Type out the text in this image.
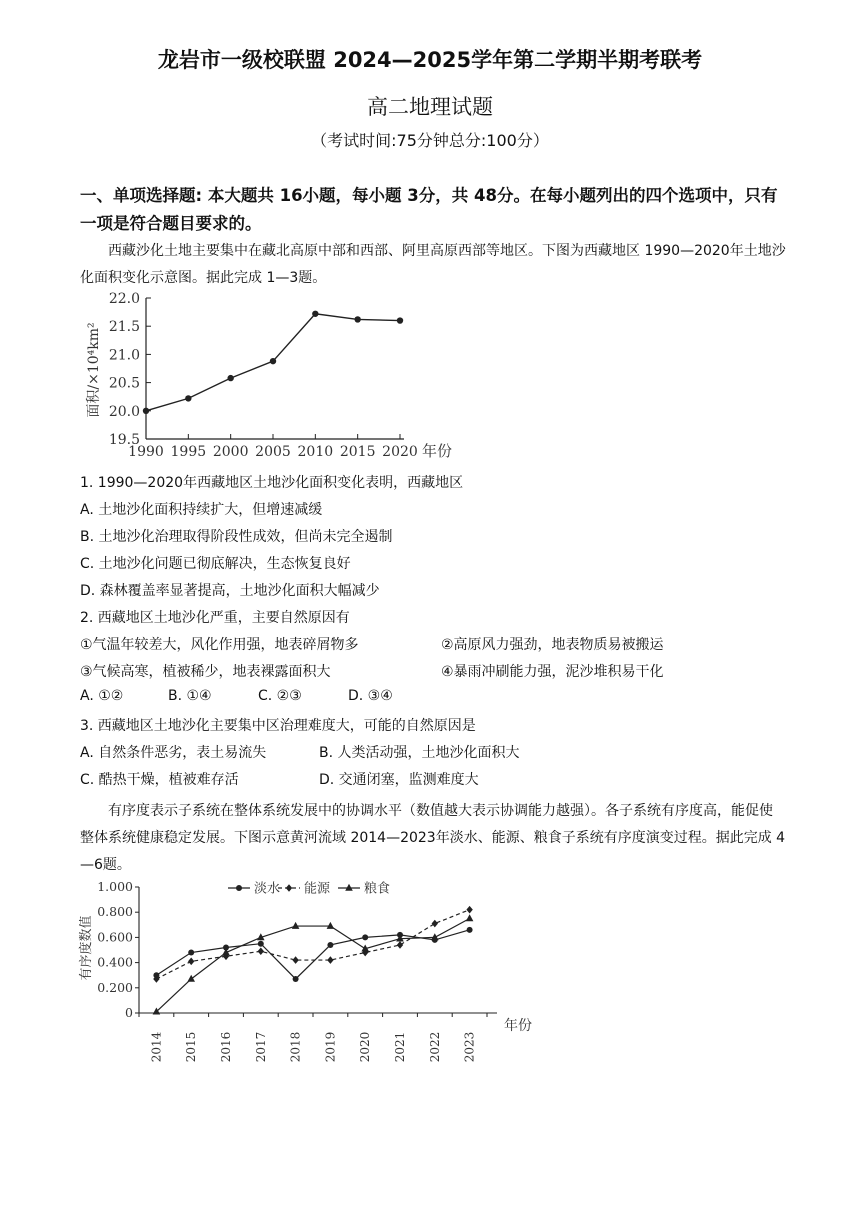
龙岩市一级校联盟 2024—2025学年第二学期半期考联考
高二地理试题
（考试时间:75分钟总分:100分）
一、单项选择题: 本大题共 16小题，每小题 3分，共 48分。在每小题列出的四个选项中，只有一项是符合题目要求的。
西藏沙化土地主要集中在藏北高原中部和西部、阿里高原西部等地区。下图为西藏地区 1990—2020年土地沙化面积变化示意图。据此完成 1—3题。
19.5
20.0
20.5
21.0
21.5
22.0
1990 1995 2000 2005 2010 2015 2020
面积/×10⁴km²
年份
1. 1990—2020年西藏地区土地沙化面积变化表明，西藏地区
A. 土地沙化面积持续扩大，但增速减缓
B. 土地沙化治理取得阶段性成效，但尚未完全遏制
C. 土地沙化问题已彻底解决，生态恢复良好
D. 森林覆盖率显著提高，土地沙化面积大幅减少
2. 西藏地区土地沙化严重，主要自然原因有
①气温年较差大，风化作用强，地表碎屑物多	②高原风力强劲，地表物质易被搬运
③气候高寒，植被稀少，地表裸露面积大	④暴雨冲刷能力强，泥沙堆积易干化
A. ①②	B. ①④	C. ②③	D. ③④
3. 西藏地区土地沙化主要集中区治理难度大，可能的自然原因是
A. 自然条件恶劣，表土易流失	B. 人类活动强，土地沙化面积大
C. 酷热干燥，植被难存活	D. 交通闭塞，监测难度大
有序度表示子系统在整体系统发展中的协调水平（数值越大表示协调能力越强）。各子系统有序度高，能促使整体系统健康稳定发展。下图示意黄河流域 2014—2023年淡水、能源、粮食子系统有序度演变过程。据此完成 4—6题。
0
0.200
0.400
0.600
0.800
1.000
2014 2015 2016 2017 2018 2019 2020 2021 2022 2023
淡水 能源	粮食
有序度数值
年份
